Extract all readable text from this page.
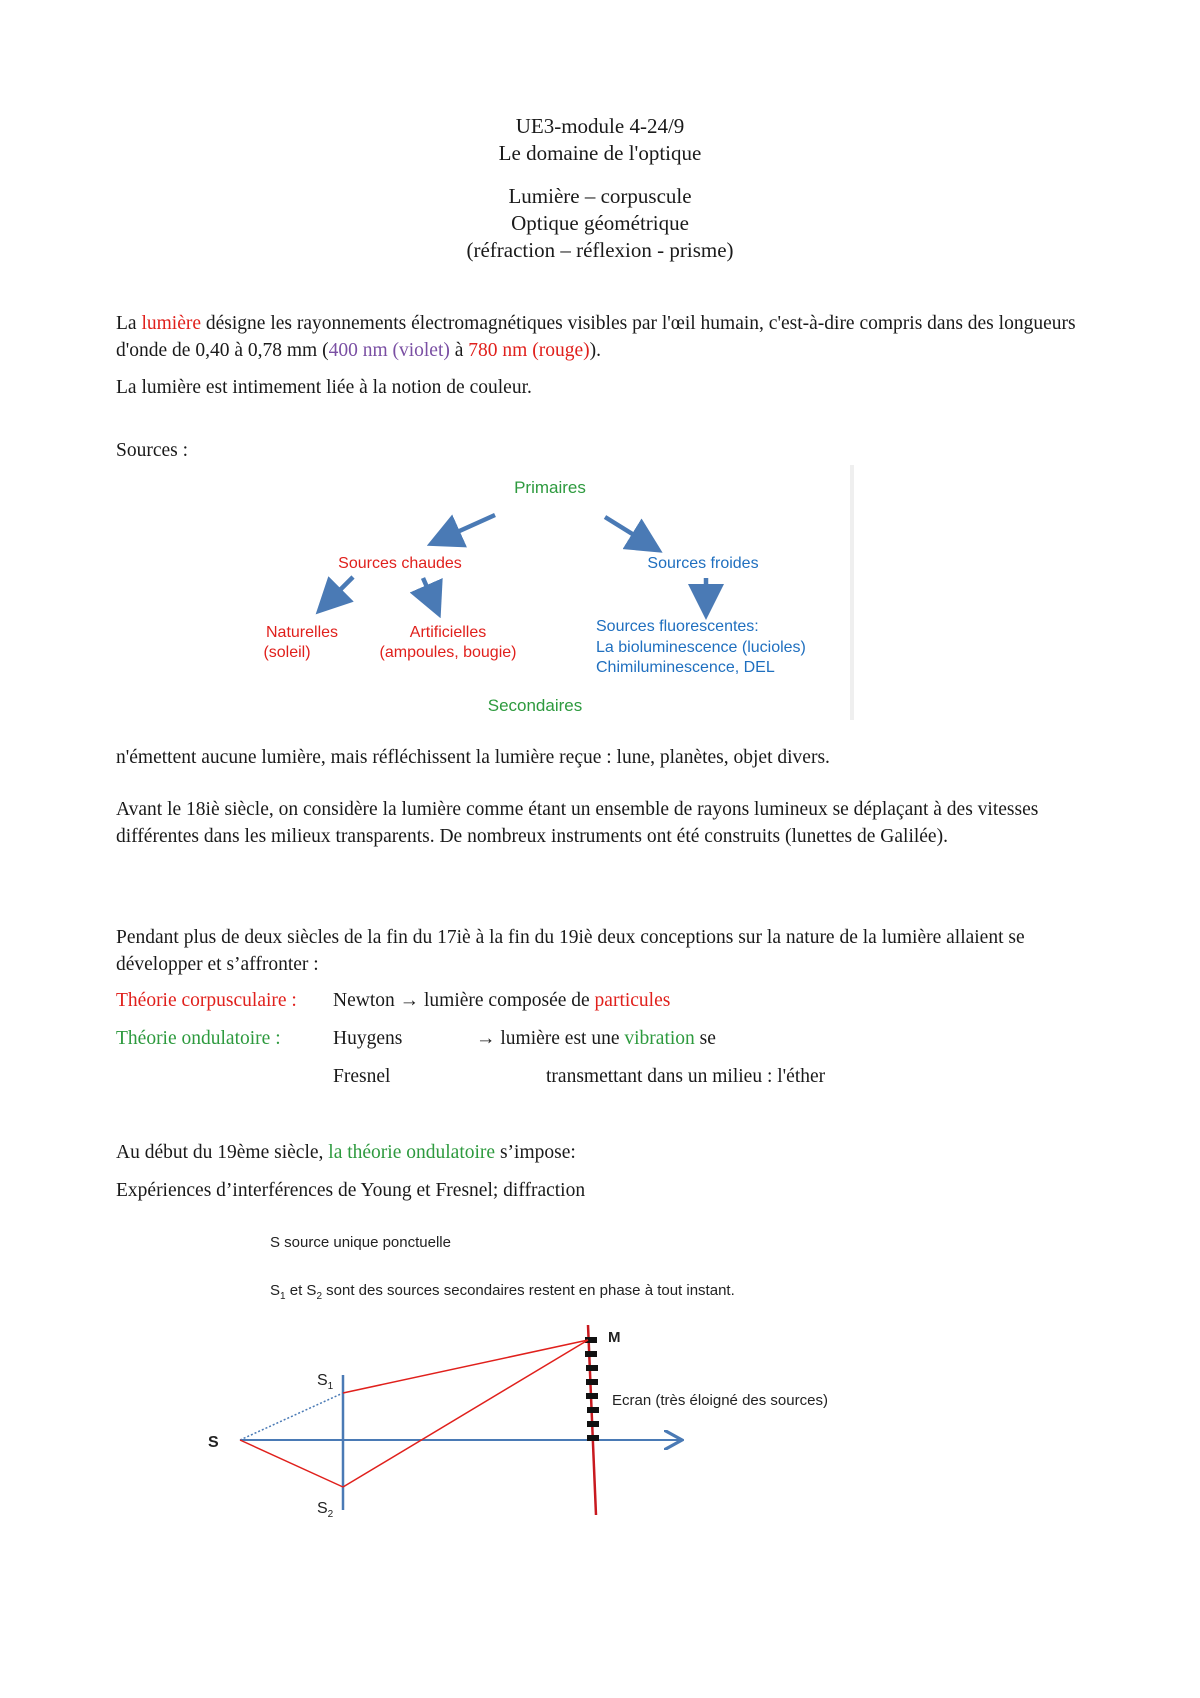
UE3-module 4-24/9
Le domaine de l'optique
Lumière – corpuscule
Optique géométrique
(réfraction – réflexion - prisme)
La lumière désigne les rayonnements électromagnétiques visibles par l'œil humain, c'est-à-dire compris dans des longueurs d'onde de 0,40 à 0,78 mm (400 nm (violet) à 780 nm (rouge)).
La lumière est intimement liée à la notion de couleur.
Sources :
Primaires
Sources chaudes	Sources froides
Naturelles
(soleil)
Artificielles
(ampoules, bougie)
Sources fluorescentes:
La bioluminescence (lucioles)
Chimiluminescence, DEL
Secondaires
n'émettent aucune lumière, mais réfléchissent la lumière reçue : lune, planètes, objet divers.
Avant le 18iè siècle, on considère la lumière comme étant un ensemble de rayons lumineux se déplaçant à des vitesses différentes dans les milieux transparents. De nombreux instruments ont été construits (lunettes de Galilée).
Pendant plus de deux siècles de la fin du 17iè à la fin du 19iè deux conceptions sur la nature de la lumière allaient se développer et s’affronter :
Théorie corpusculaire : Newton → lumière composée de particules
Théorie ondulatoire :	Huygens	→ lumière est une vibration se
Fresnel	transmettant dans un milieu : l'éther
Au début du 19ème siècle, la théorie ondulatoire s’impose:
Expériences d’interférences de Young et Fresnel; diffraction
S source unique ponctuelle
$S_1$ et $S_2$ sont des sources secondaires restent en phase à tout instant.
M
Ecran (très éloigné des sources)
S
$S_1$
$S_2$
